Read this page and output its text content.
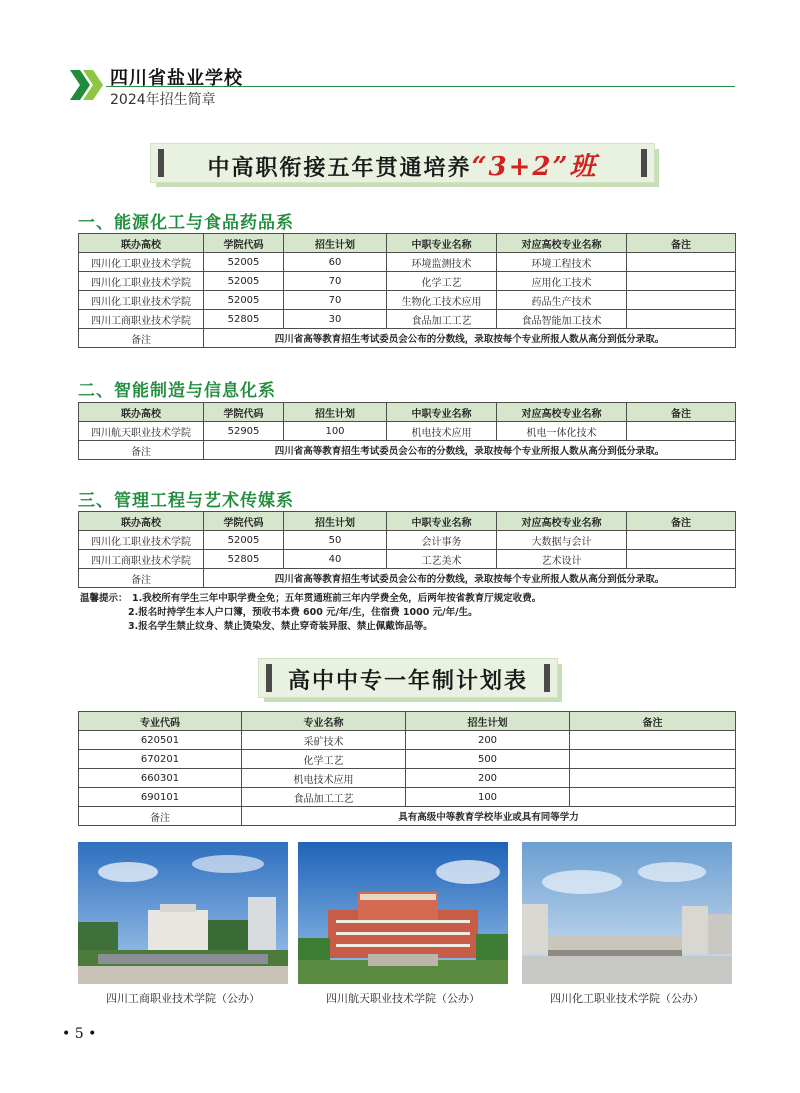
四川省盐业学校
2024年招生简章
中高职衔接五年贯通培养“3+2”班
一、能源化工与食品药品系
联办高校	学院代码	招生计划	中职专业名称	对应高校专业名称	备注
四川化工职业技术学院	52005	60	环境监测技术	环境工程技术	
四川化工职业技术学院	52005	70	化学工艺	应用化工技术	
四川化工职业技术学院	52005	70	生物化工技术应用	药品生产技术	
四川工商职业技术学院	52805	30	食品加工工艺	食品智能加工技术	
备注	四川省高等教育招生考试委员会公布的分数线，录取按每个专业所报人数从高分到低分录取。				
二、智能制造与信息化系
联办高校	学院代码	招生计划	中职专业名称	对应高校专业名称	备注
四川航天职业技术学院	52905	100	机电技术应用	机电一体化技术	
备注	四川省高等教育招生考试委员会公布的分数线，录取按每个专业所报人数从高分到低分录取。				
三、管理工程与艺术传媒系
联办高校	学院代码	招生计划	中职专业名称	对应高校专业名称	备注
四川化工职业技术学院	52005	50	会计事务	大数据与会计	
四川工商职业技术学院	52805	40	工艺美术	艺术设计	
备注	四川省高等教育招生考试委员会公布的分数线，录取按每个专业所报人数从高分到低分录取。				
温馨提示： 1.我校所有学生三年中职学费全免；五年贯通班前三年内学费全免，后两年按省教育厅规定收费。
2.报名时持学生本人户口簿，预收书本费 600 元/年/生，住宿费 1000 元/年/生。
3.报名学生禁止纹身、禁止烫染发、禁止穿奇装异服、禁止佩戴饰品等。
高中中专一年制计划表
专业代码	专业名称	招生计划	备注
620501	采矿技术	200	
670201	化学工艺	500	
660301	机电技术应用	200	
690101	食品加工工艺	100	
备注	具有高级中等教育学校毕业或具有同等学力		
四川工商职业技术学院（公办）	四川航天职业技术学院（公办）	四川化工职业技术学院（公办）
• 5 •
